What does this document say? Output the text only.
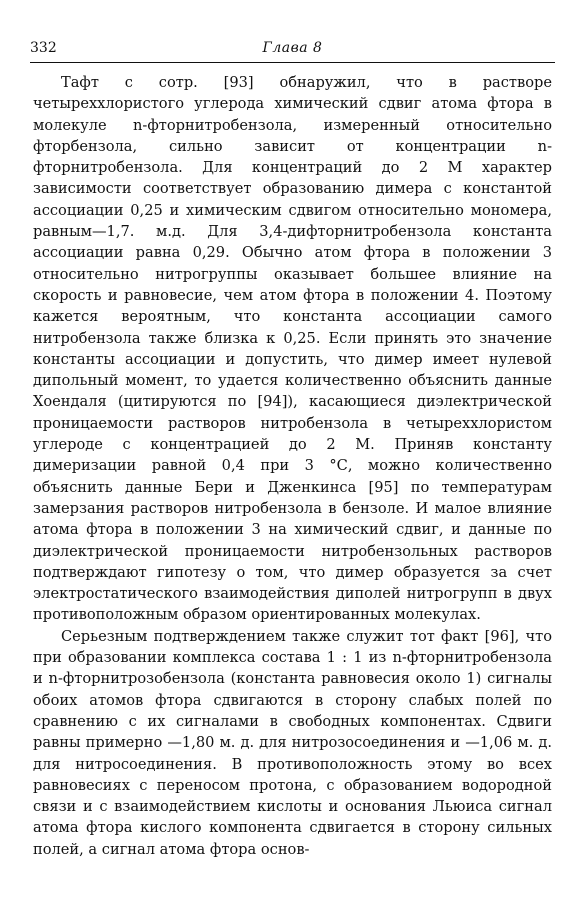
332	Глава 8

Тафт с сотр. [93] обнаружил, что в растворе четыреххлористого углерода химический сдвиг атома фтора в молекуле n-фторнитробензола, измеренный относительно фторбензола, сильно зависит от концентрации n-фторнитробензола. Для концентраций до 2 М характер зависимости соответствует образованию димера с константой ассоциации 0,25 и химическим сдвигом относительно мономера, равным—1,7. м.д. Для 3,4-дифторнитробензола константа ассоциации равна 0,29. Обычно атом фтора в положении 3 относительно нитрогруппы оказывает большее влияние на скорость и равновесие, чем атом фтора в положении 4. Поэтому кажется вероятным, что константа ассоциации самого нитробензола также близка к 0,25. Если принять это значение константы ассоциации и допустить, что димер имеет нулевой дипольный момент, то удается количественно объяснить данные Хоендаля (цитируются по [94]), касающиеся диэлектрической проницаемости растворов нитробензола в четыреххлористом углероде с концентрацией до 2 М. Приняв константу димеризации равной 0,4 при 3 °С, можно количественно объяснить данные Бери и Дженкинса [95] по температурам замерзания растворов нитробензола в бензоле. И малое влияние атома фтора в положении 3 на химический сдвиг, и данные по диэлектрической проницаемости нитробензольных растворов подтверждают гипотезу о том, что димер образуется за счет электростатического взаимодействия диполей нитрогрупп в двух противоположным образом ориентированных молекулах.

Серьезным подтверждением также служит тот факт [96], что при образовании комплекса состава 1 : 1 из n-фторнитробензола и n-фторнитрозобензола (константа равновесия около 1) сигналы обоих атомов фтора сдвигаются в сторону слабых полей по сравнению с их сигналами в свободных компонентах. Сдвиги равны примерно —1,80 м. д. для нитрозосоединения и —1,06 м. д. для нитросоединения. В противоположность этому во всех равновесиях с переносом протона, с образованием водородной связи и с взаимодействием кислоты и основания Льюиса сигнал атома фтора кислого компонента сдвигается в сторону сильных полей, а сигнал атома фтора основ-
